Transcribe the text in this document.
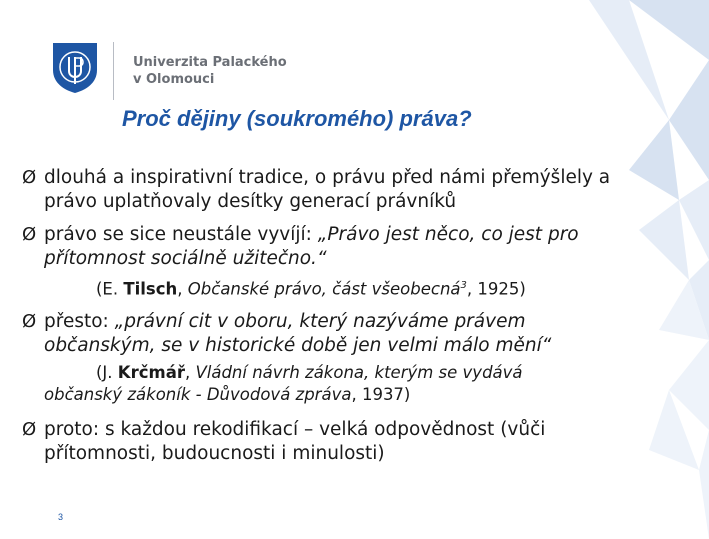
Univerzita Palackého
v Olomouci
Proč dějiny (soukromého) práva?
Ø dlouhá a inspirativní tradice, o právu před námi přemýšlely a
právo uplatňovaly desítky generací právníků
Ø právo se sice neustále vyvíjí: „Právo jest něco, co jest pro
přítomnost sociálně užitečno.“
(E. Tilsch, Občanské právo, část všeobecná$^3$, 1925)
Ø přesto: „právní cit v oboru, který nazýváme právem
občanským, se v historické době jen velmi málo mění“
(J. Krčmář, Vládní návrh zákona, kterým se vydává
občanský zákoník - Důvodová zpráva, 1937)
Ø proto: s každou rekodifikací – velká odpovědnost (vůči
přítomnosti, budoucnosti i minulosti)
3
